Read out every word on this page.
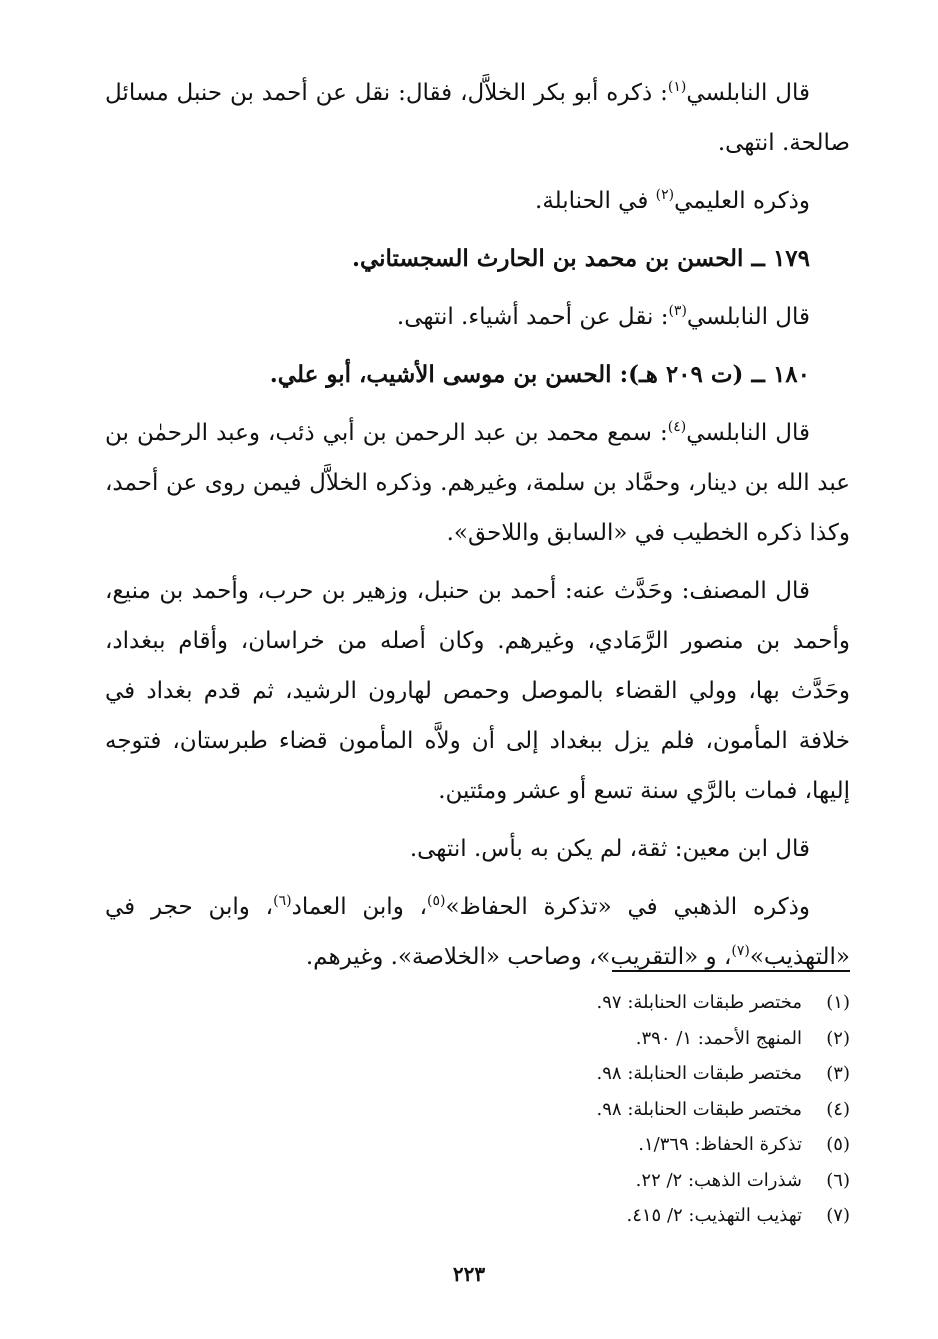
قال النابلسي$^{(١)}$: ذكره أبو بكر الخلاَّل، فقال: نقل عن أحمد بن حنبل مسائل صالحة. انتهى.

وذكره العليمي$^{(٢)}$ في الحنابلة.

١٧٩ ــ الحسن بن محمد بن الحارث السجستاني.

قال النابلسي$^{(٣)}$: نقل عن أحمد أشياء. انتهى.

١٨٠ ــ (ت ٢٠٩ هـ): الحسن بن موسى الأشيب، أبو علي.

قال النابلسي$^{(٤)}$: سمع محمد بن عبد الرحمن بن أبي ذئب، وعبد الرحمٰن بن عبد الله بن دينار، وحمَّاد بن سلمة، وغيرهم. وذكره الخلاَّل فيمن روى عن أحمد، وكذا ذكره الخطيب في «السابق واللاحق».

قال المصنف: وحَدَّث عنه: أحمد بن حنبل، وزهير بن حرب، وأحمد بن منيع، وأحمد بن منصور الرَّمَادي، وغيرهم. وكان أصله من خراسان، وأقام ببغداد، وحَدَّث بها، وولي القضاء بالموصل وحمص لهارون الرشيد، ثم قدم بغداد في خلافة المأمون، فلم يزل ببغداد إلى أن ولاَّه المأمون قضاء طبرستان، فتوجه إليها، فمات بالرَّي سنة تسع أو عشر ومئتين.

قال ابن معين: ثقة، لم يكن به بأس. انتهى.

وذكره الذهبي في «تذكرة الحفاظ»$^{(٥)}$، وابن العماد$^{(٦)}$، وابن حجر في «التهذيب»$^{(٧)}$، و «التقريب»، وصاحب «الخلاصة». وغيرهم.

(١)مختصر طبقات الحنابلة: ٩٧.
(٢)المنهج الأحمد: ١/ ٣٩٠.
(٣)مختصر طبقات الحنابلة: ٩٨.
(٤)مختصر طبقات الحنابلة: ٩٨.
(٥)تذكرة الحفاظ: ١/٣٦٩.
(٦)شذرات الذهب: ٢/ ٢٢.
(٧)تهذيب التهذيب: ٢/ ٤١٥.
٢٢٣
